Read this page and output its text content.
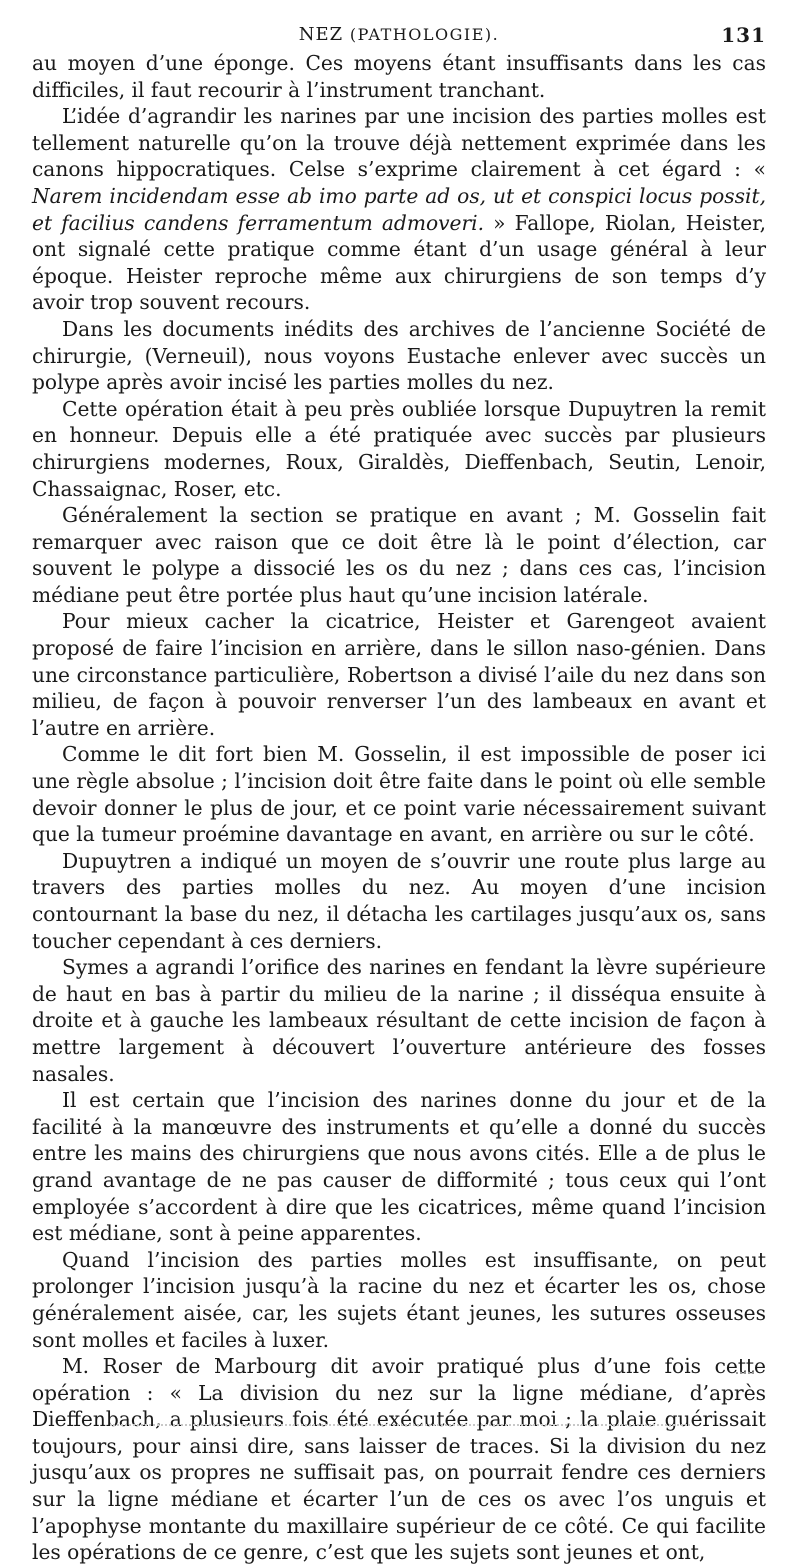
NEZ (PATHOLOGIE).	131

au moyen d’une éponge. Ces moyens étant insuffisants dans les cas difficiles, il faut recourir à l’instrument tranchant.

L’idée d’agrandir les narines par une incision des parties molles est tellement naturelle qu’on la trouve déjà nettement exprimée dans les canons hippocratiques. Celse s’exprime clairement à cet égard : « Narem incidendam esse ab imo parte ad os, ut et conspici locus possit, et facilius candens ferramentum admoveri. » Fallope, Riolan, Heister, ont signalé cette pratique comme étant d’un usage général à leur époque. Heister reproche même aux chirurgiens de son temps d’y avoir trop souvent recours.

Dans les documents inédits des archives de l’ancienne Société de chirurgie, (Verneuil), nous voyons Eustache enlever avec succès un polype après avoir incisé les parties molles du nez.

Cette opération était à peu près oubliée lorsque Dupuytren la remit en honneur. Depuis elle a été pratiquée avec succès par plusieurs chirurgiens modernes, Roux, Giraldès, Dieffenbach, Seutin, Lenoir, Chassaignac, Roser, etc.

Généralement la section se pratique en avant ; M. Gosselin fait remarquer avec raison que ce doit être là le point d’élection, car souvent le polype a dissocié les os du nez ; dans ces cas, l’incision médiane peut être portée plus haut qu’une incision latérale.

Pour mieux cacher la cicatrice, Heister et Garengeot avaient proposé de faire l’incision en arrière, dans le sillon naso-génien. Dans une circonstance particulière, Robertson a divisé l’aile du nez dans son milieu, de façon à pouvoir renverser l’un des lambeaux en avant et l’autre en arrière.

Comme le dit fort bien M. Gosselin, il est impossible de poser ici une règle absolue ; l’incision doit être faite dans le point où elle semble devoir donner le plus de jour, et ce point varie nécessairement suivant que la tumeur proémine davantage en avant, en arrière ou sur le côté.

Dupuytren a indiqué un moyen de s’ouvrir une route plus large au travers des parties molles du nez. Au moyen d’une incision contournant la base du nez, il détacha les cartilages jusqu’aux os, sans toucher cependant à ces derniers.

Symes a agrandi l’orifice des narines en fendant la lèvre supérieure de haut en bas à partir du milieu de la narine ; il disséqua ensuite à droite et à gauche les lambeaux résultant de cette incision de façon à mettre largement à découvert l’ouverture antérieure des fosses nasales.

Il est certain que l’incision des narines donne du jour et de la facilité à la manœuvre des instruments et qu’elle a donné du succès entre les mains des chirurgiens que nous avons cités. Elle a de plus le grand avantage de ne pas causer de difformité ; tous ceux qui l’ont employée s’accordent à dire que les cicatrices, même quand l’incision est médiane, sont à peine apparentes.

Quand l’incision des parties molles est insuffisante, on peut prolonger l’incision jusqu’à la racine du nez et écarter les os, chose généralement aisée, car, les sujets étant jeunes, les sutures osseuses sont molles et faciles à luxer.

M. Roser de Marbourg dit avoir pratiqué plus d’une fois cette opération : « La division du nez sur la ligne médiane, d’après Dieffenbach, a plusieurs fois été exécutée par moi ; la plaie guérissait toujours, pour ainsi dire, sans laisser de traces. Si la division du nez jusqu’aux os propres ne suffisait pas, on pourrait fendre ces derniers sur la ligne médiane et écarter l’un de ces os avec l’os unguis et l’apophyse montante du maxillaire supérieur de ce côté. Ce qui facilite les opérations de ce genre, c’est que les sujets sont jeunes et ont,
